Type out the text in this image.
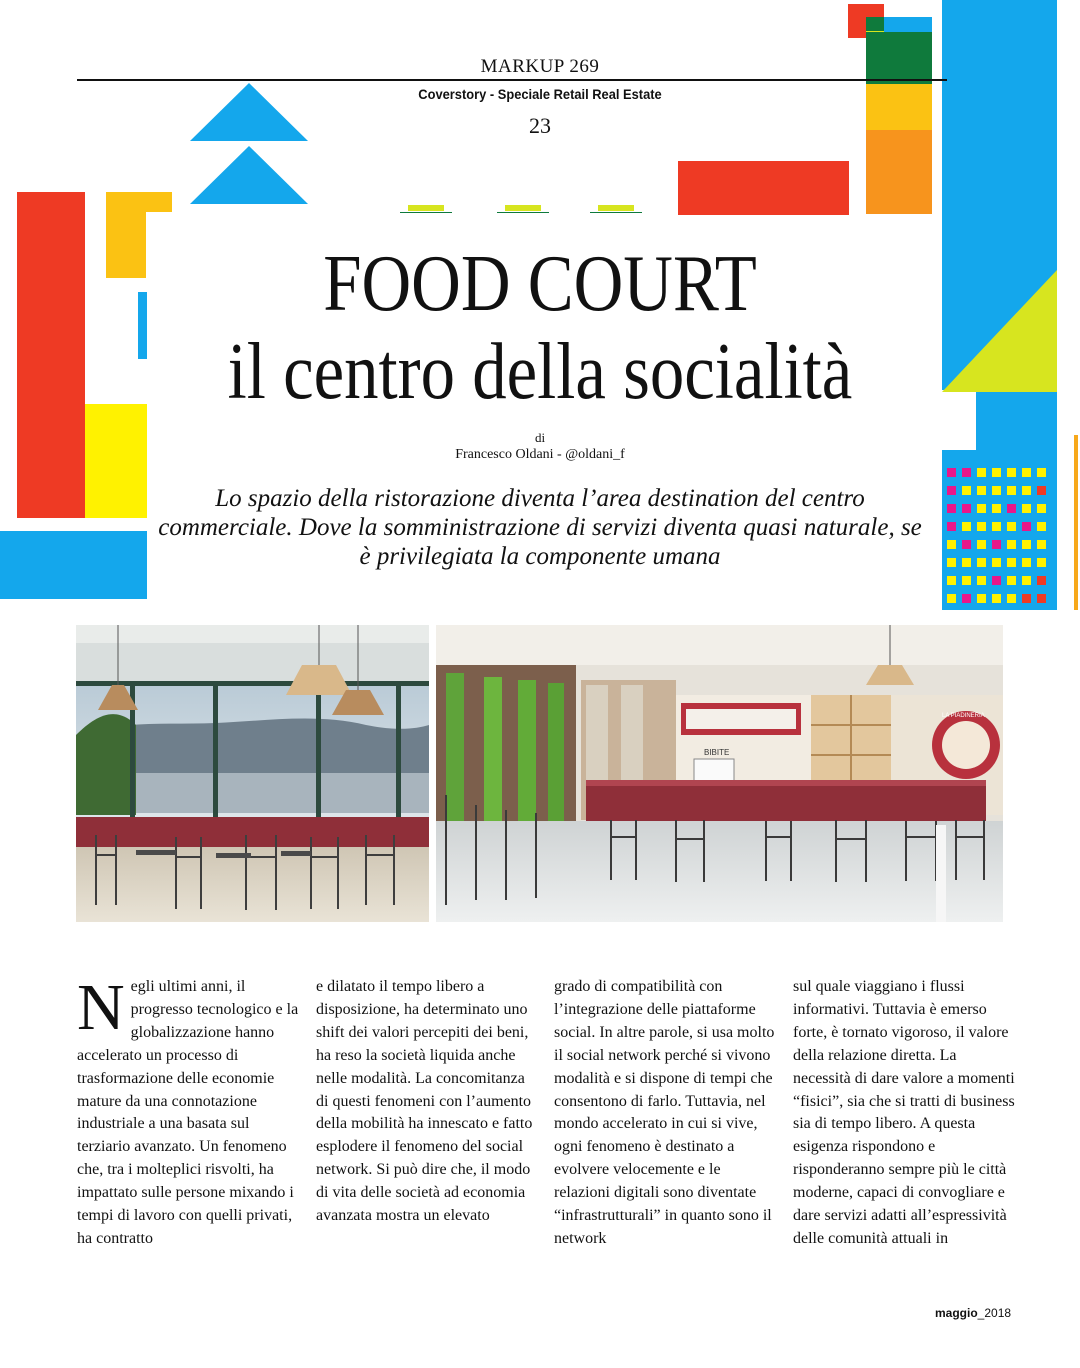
MARKUP 269
Coverstory - Speciale Retail Real Estate
23
FOOD COURT
il centro della socialità
di
Francesco Oldani - @oldani_f
Lo spazio della ristorazione diventa l’area destination del centro commerciale. Dove la somministrazione di servizi diventa quasi naturale, se è privilegiata la componente umana
BIBITE
LA PIADINERIA

Negli ultimi anni, il progresso tecnologico e la globalizzazione hanno accelerato un processo di trasformazione delle economie mature da una connotazione industriale a una basata sul terziario avanzato. Un fenomeno che, tra i molteplici risvolti, ha impattato sulle persone mixando i tempi di lavoro con quelli privati, ha contratto

e dilatato il tempo libero a disposizione, ha determinato uno shift dei valori percepiti dei beni, ha reso la società liquida anche nelle modalità. La concomitanza di questi fenomeni con l’aumento della mobilità ha innescato e fatto esplodere il fenomeno del social network. Si può dire che, il modo di vita delle società ad economia avanzata mostra un elevato

grado di compatibilità con l’integrazione delle piattaforme social. In altre parole, si usa molto il social network perché si vivono modalità e si dispone di tempi che consentono di farlo. Tuttavia, nel mondo accelerato in cui si vive, ogni fenomeno è destinato a evolvere velocemente e le relazioni digitali sono diventate “infrastrutturali” in quanto sono il network

sul quale viaggiano i flussi informativi. Tuttavia è emerso forte, è tornato vigoroso, il valore della relazione diretta. La necessità di dare valore a momenti “fisici”, sia che si tratti di business sia di tempo libero. A questa esigenza rispondono e risponderanno sempre più le città moderne, capaci di convogliare e dare servizi adatti all’espressività delle comunità attuali in

maggio_2018
